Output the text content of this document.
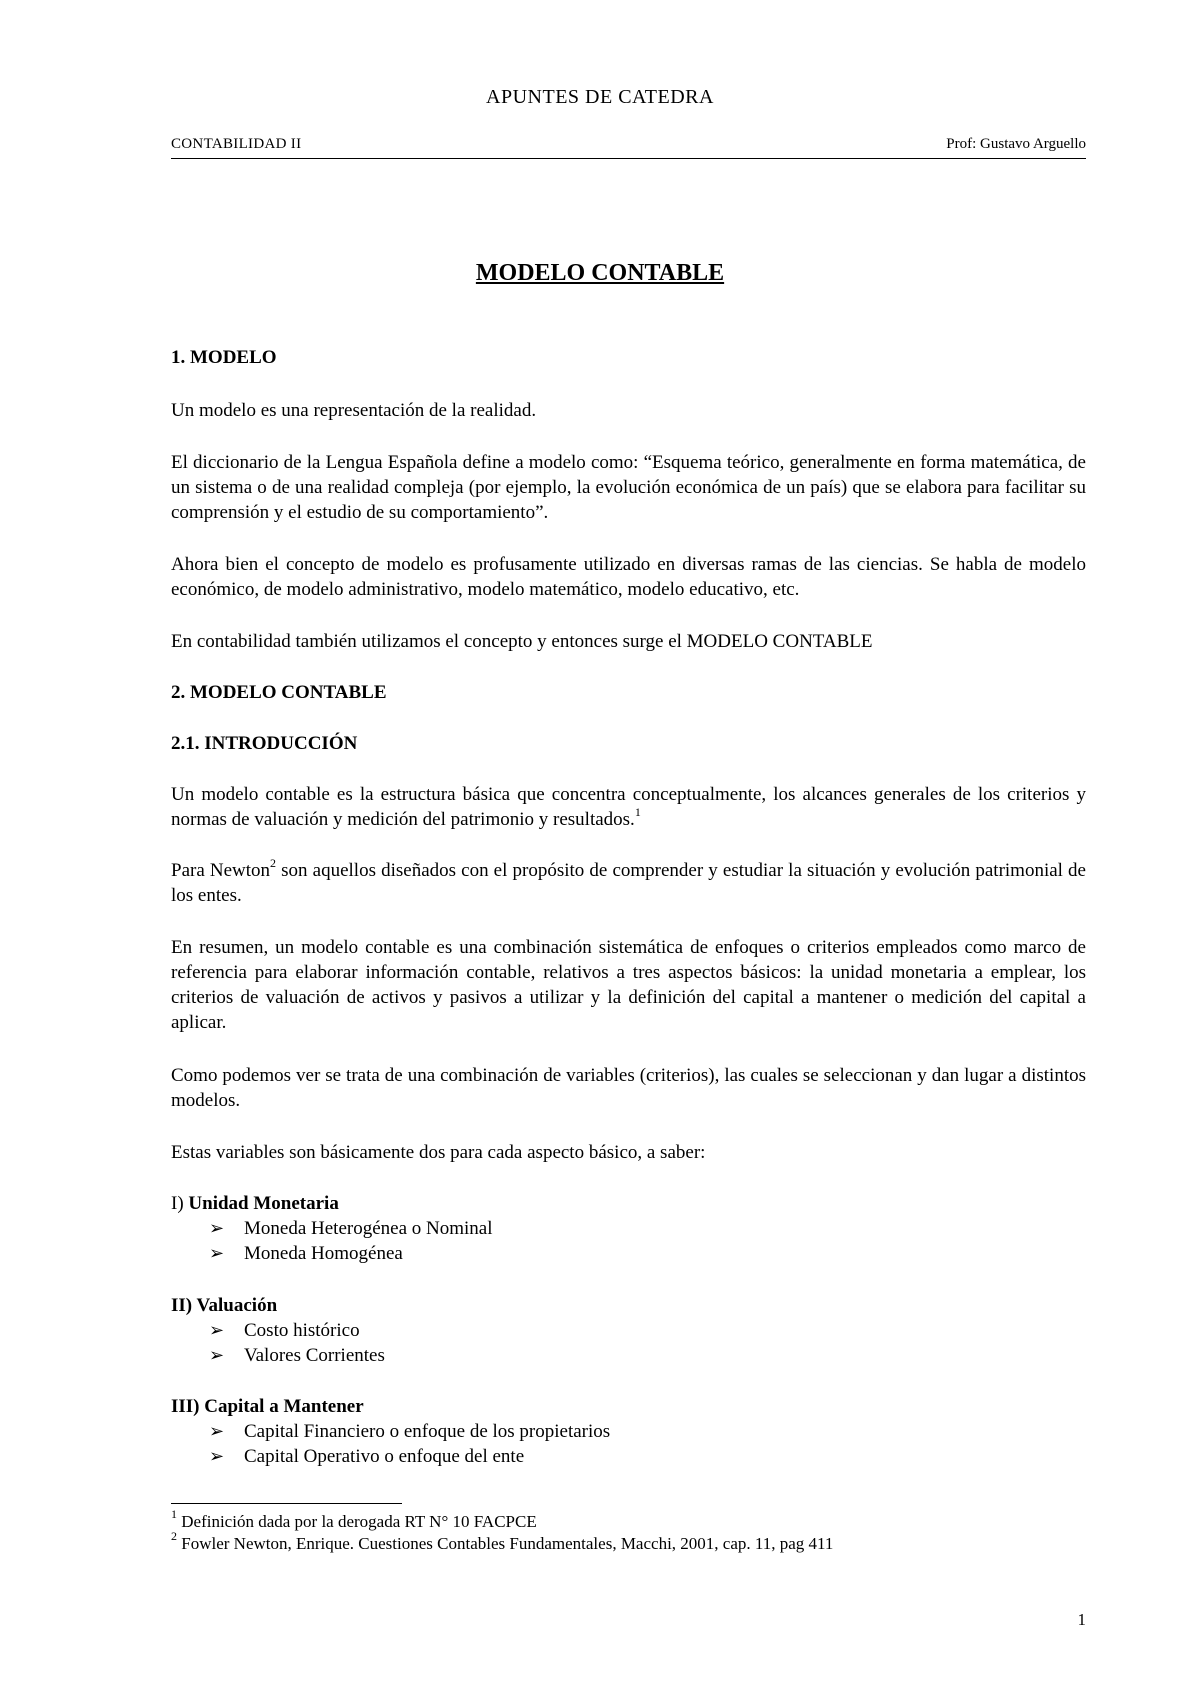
APUNTES DE CATEDRA
CONTABILIDAD II	Prof: Gustavo Arguello
MODELO CONTABLE
1. MODELO
Un modelo es una representación de la realidad.
El diccionario de la Lengua Española define a modelo como: “Esquema teórico, generalmente en forma matemática, de un sistema o de una realidad compleja (por ejemplo, la evolución económica de un país) que se elabora para facilitar su comprensión y el estudio de su comportamiento”.
Ahora bien el concepto de modelo es profusamente utilizado en diversas ramas de las ciencias. Se habla de modelo económico, de modelo administrativo, modelo matemático, modelo educativo, etc.
En contabilidad también utilizamos el concepto y entonces surge el MODELO CONTABLE
2. MODELO CONTABLE
2.1. INTRODUCCIÓN
Un modelo contable es la estructura básica que concentra conceptualmente, los alcances generales de los criterios y normas de valuación y medición del patrimonio y resultados.$^1$
Para Newton$^2$ son aquellos diseñados con el propósito de comprender y estudiar la situación y evolución patrimonial de los entes.
En resumen, un modelo contable es una combinación sistemática de enfoques o criterios empleados como marco de referencia para elaborar información contable, relativos a tres aspectos básicos: la unidad monetaria a emplear, los criterios de valuación de activos y pasivos a utilizar y la definición del capital a mantener o medición del capital a aplicar.
Como podemos ver se trata de una combinación de variables (criterios), las cuales se seleccionan y dan lugar a distintos modelos.
Estas variables son básicamente dos para cada aspecto básico, a saber:
I) Unidad Monetaria
➢ Moneda Heterogénea o Nominal
➢ Moneda Homogénea
II) Valuación
➢ Costo histórico
➢ Valores Corrientes
III) Capital a Mantener
➢ Capital Financiero o enfoque de los propietarios
➢ Capital Operativo o enfoque del ente
$^1$ Definición dada por la derogada RT N° 10 FACPCE
$^2$ Fowler Newton, Enrique. Cuestiones Contables Fundamentales, Macchi, 2001, cap. 11, pag 411
1
